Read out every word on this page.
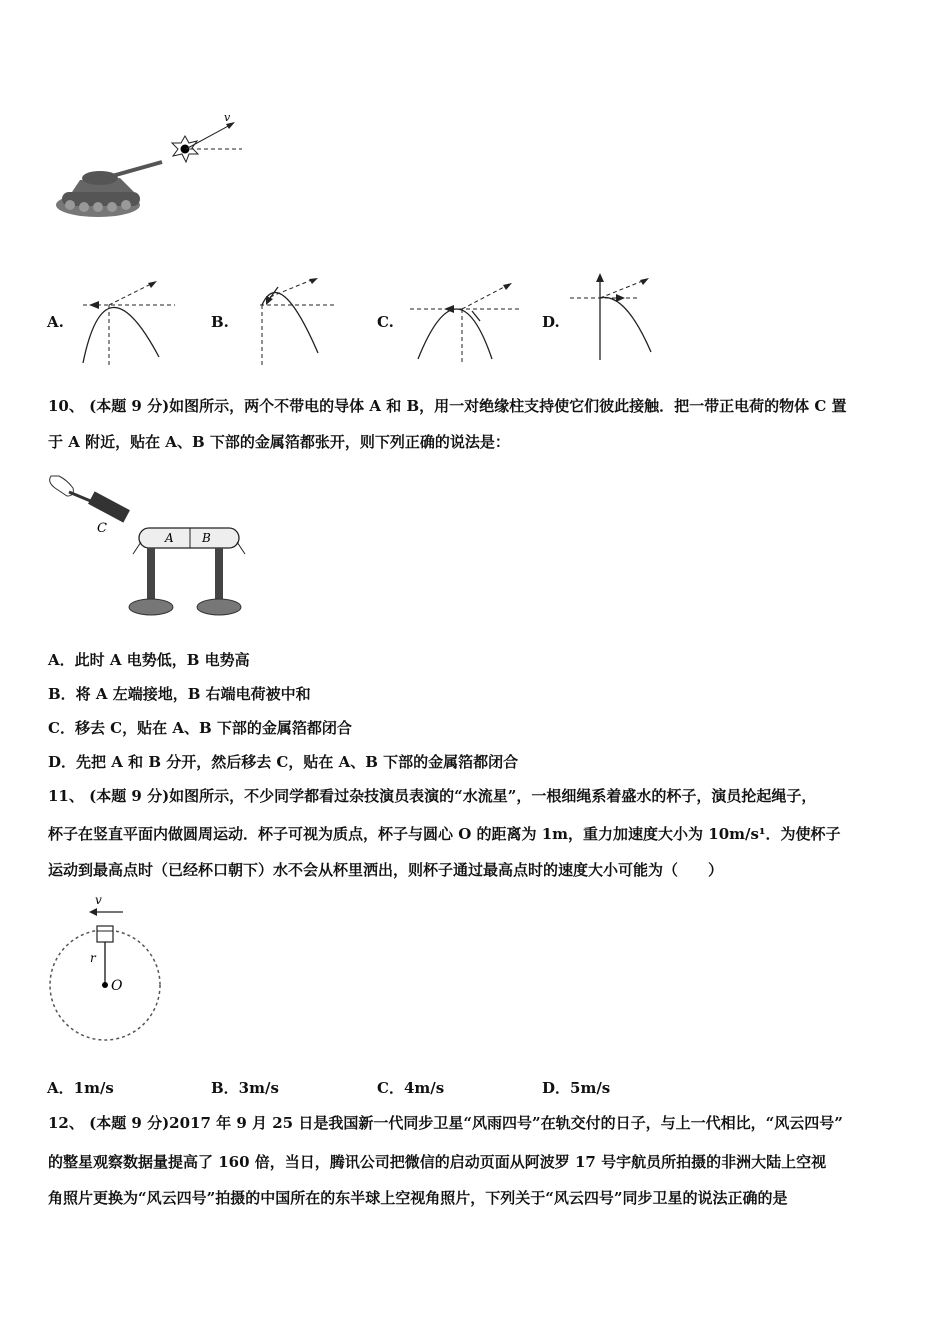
v
A.	B.	C.	D.
10、 (本题 9 分)如图所示，两个不带电的导体 A 和 B，用一对绝缘柱支持使它们彼此接触．把一带正电荷的物体 C 置
于 A 附近，贴在 A、B 下部的金属箔都张开，则下列正确的说法是：
C
A B
A．此时 A 电势低，B 电势高
B．将 A 左端接地，B 右端电荷被中和
C．移去 C，贴在 A、B 下部的金属箔都闭合
D．先把 A 和 B 分开，然后移去 C，贴在 A、B 下部的金属箔都闭合
11、 (本题 9 分)如图所示，不少同学都看过杂技演员表演的“水流星”，一根细绳系着盛水的杯子，演员抡起绳子，
杯子在竖直平面内做圆周运动．杯子可视为质点，杯子与圆心 O 的距离为 1m，重力加速度大小为 10m/s¹．为使杯子
运动到最高点时（已经杯口朝下）水不会从杯里洒出，则杯子通过最高点时的速度大小可能为（　　）
v
r
O
A．1m/s	B．3m/s	C．4m/s	D．5m/s
12、 (本题 9 分)2017 年 9 月 25 日是我国新一代同步卫星“风雨四号”在轨交付的日子，与上一代相比，“风云四号”
的整星观察数据量提高了 160 倍，当日，腾讯公司把微信的启动页面从阿波罗 17 号宇航员所拍摄的非洲大陆上空视
角照片更换为“风云四号”拍摄的中国所在的东半球上空视角照片，下列关于“风云四号”同步卫星的说法正确的是
